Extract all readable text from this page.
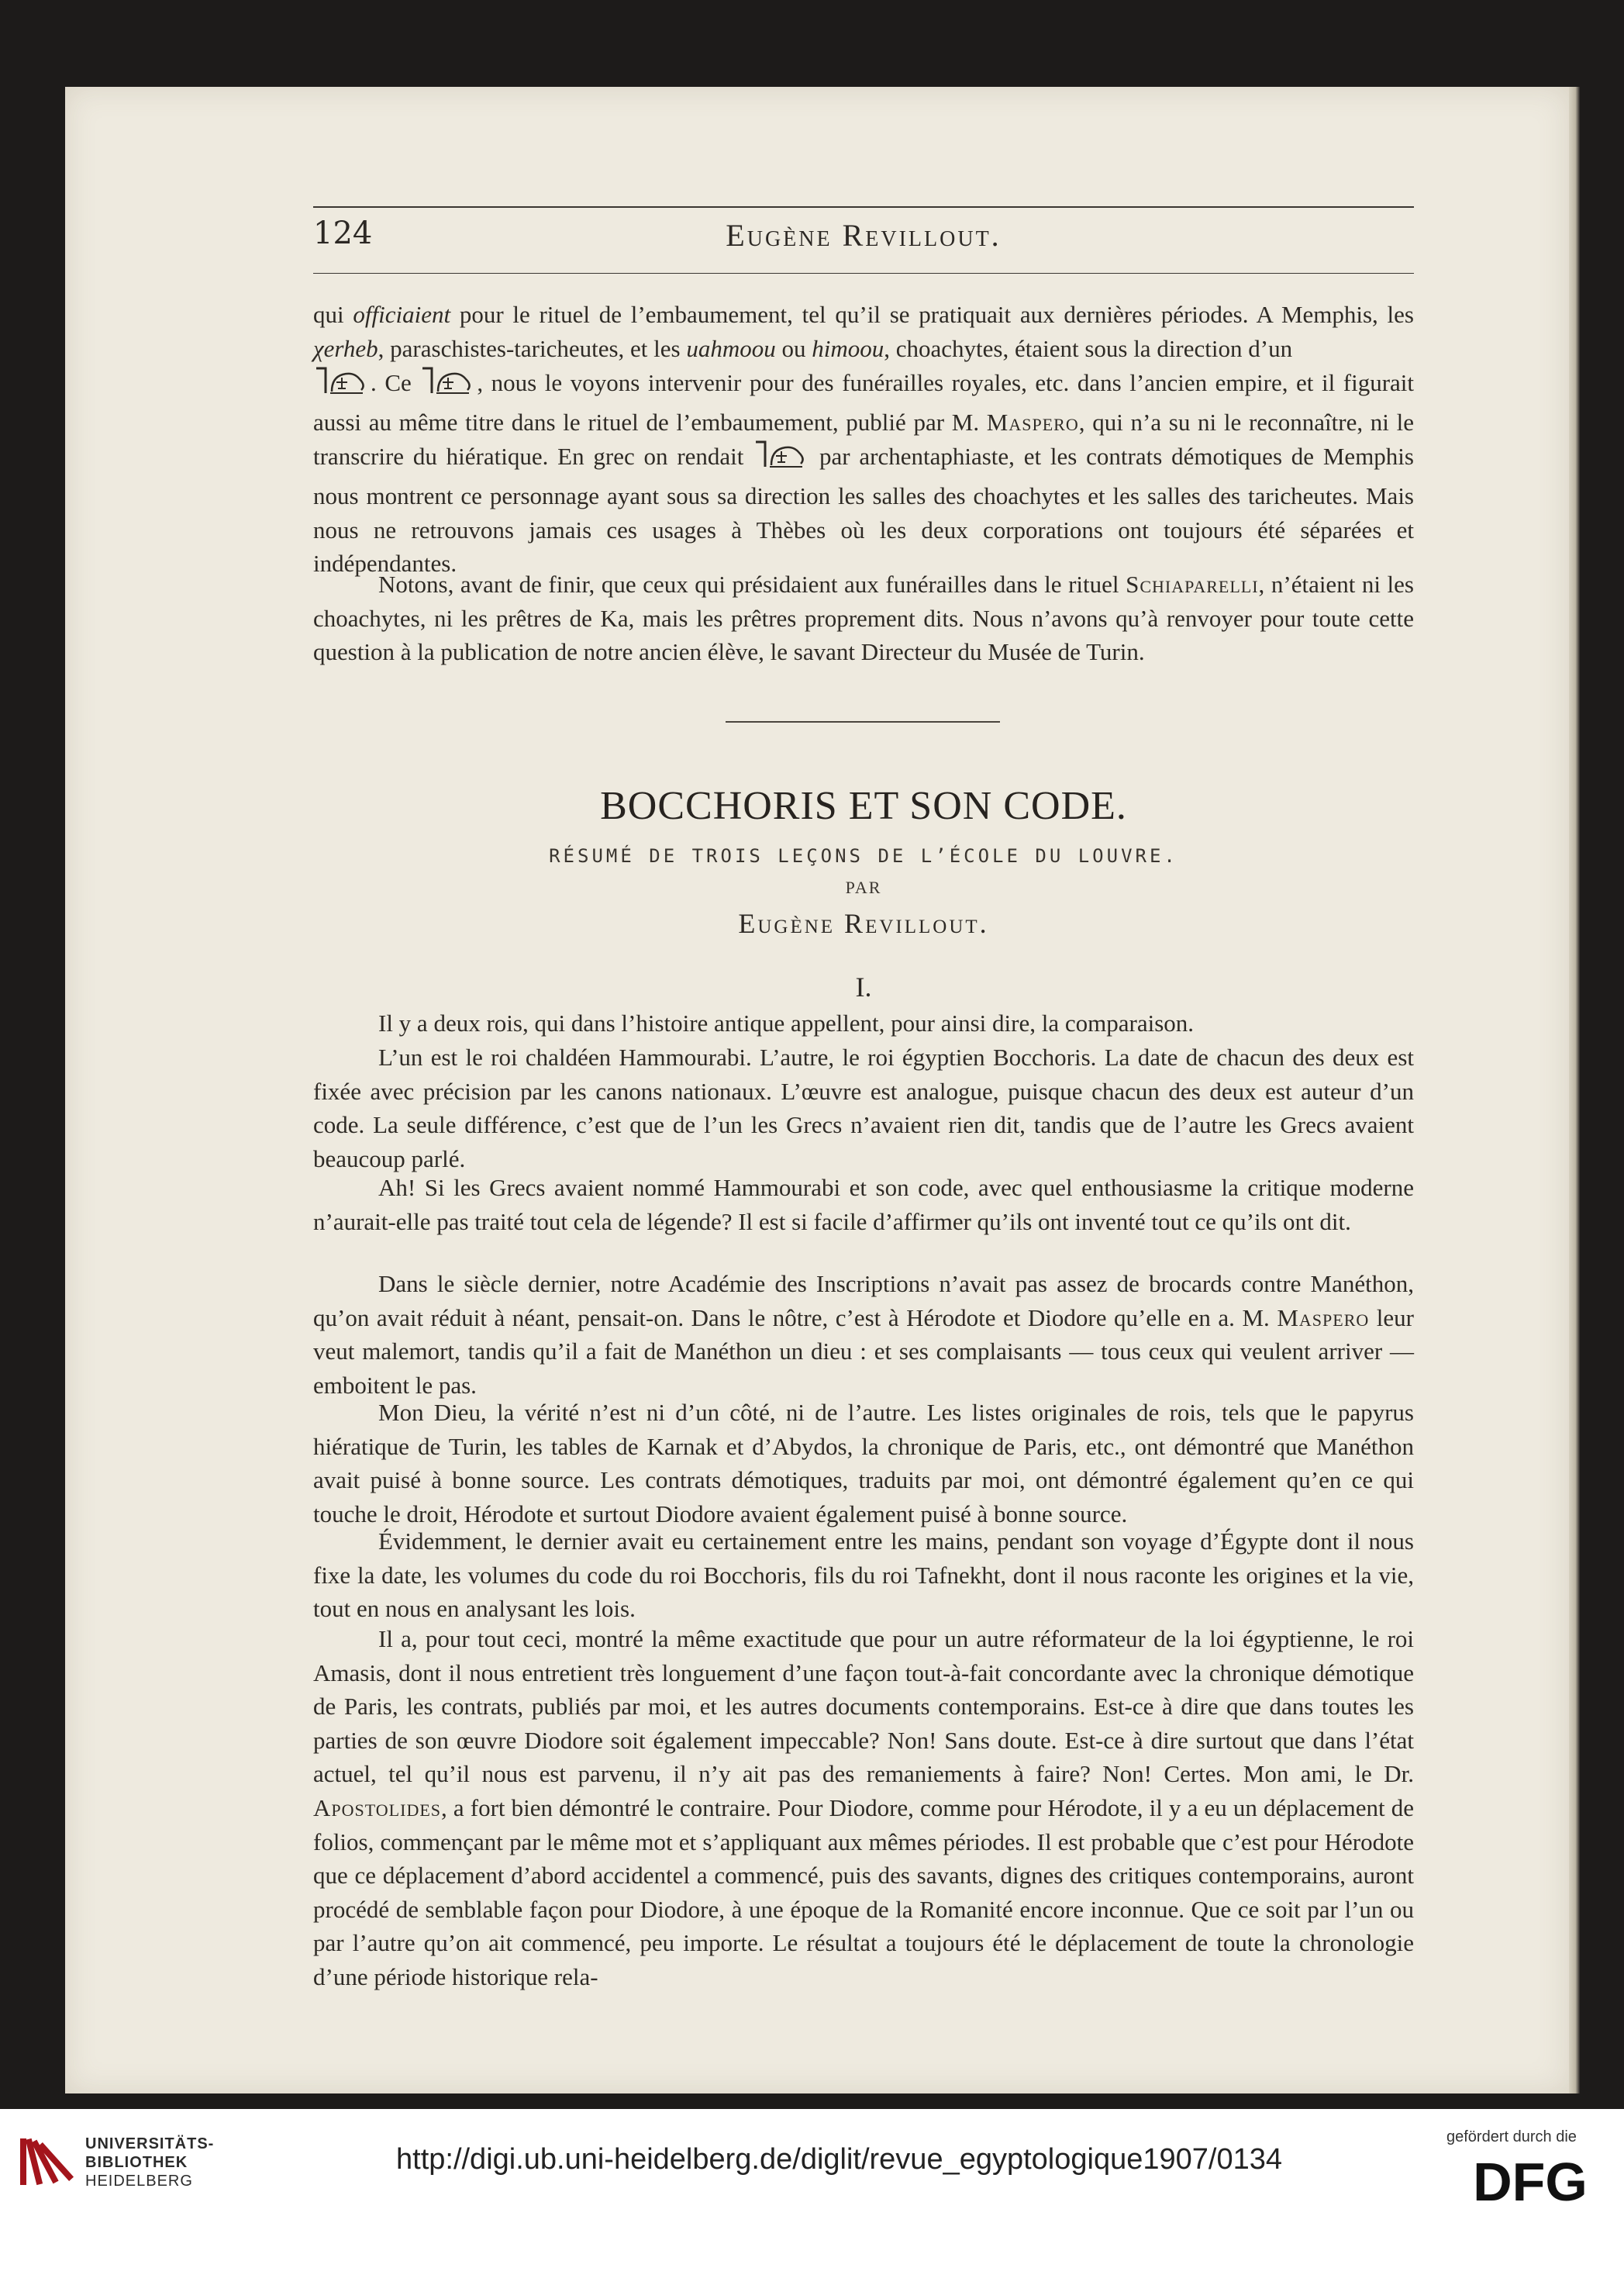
124	Eugène Revillout.

qui officiaient pour le rituel de l’embaumement, tel qu’il se pratiquait aux dernières périodes. A Memphis, les χerheb, paraschistes-taricheutes, et les uahmoou ou himoou, choachytes, étaient sous la direction d’un
. Ce , nous le voyons intervenir pour des funérailles royales, etc. dans l’ancien empire, et il figurait aussi au même titre dans le rituel de l’embaumement, publié par M. Maspero, qui n’a su ni le reconnaître, ni le transcrire du hiératique. En grec on rendait  par archentaphiaste, et les contrats démotiques de Memphis nous montrent ce personnage ayant sous sa direction les salles des choachytes et les salles des taricheutes. Mais nous ne retrouvons jamais ces usages à Thèbes où les deux corporations ont toujours été séparées et indépendantes.

Notons, avant de finir, que ceux qui présidaient aux funérailles dans le rituel Schiaparelli, n’étaient ni les choachytes, ni les prêtres de Ka, mais les prêtres proprement dits. Nous n’avons qu’à renvoyer pour toute cette question à la publication de notre ancien élève, le savant Directeur du Musée de Turin.

BOCCHORIS ET SON CODE.
RÉSUMÉ DE TROIS LEÇONS DE L’ÉCOLE DU LOUVRE.
PAR
Eugène Revillout.
I.

Il y a deux rois, qui dans l’histoire antique appellent, pour ainsi dire, la comparaison.

L’un est le roi chaldéen Hammourabi. L’autre, le roi égyptien Bocchoris. La date de chacun des deux est fixée avec précision par les canons nationaux. L’œuvre est analogue, puisque chacun des deux est auteur d’un code. La seule différence, c’est que de l’un les Grecs n’avaient rien dit, tandis que de l’autre les Grecs avaient beaucoup parlé.

Ah! Si les Grecs avaient nommé Hammourabi et son code, avec quel enthousiasme la critique moderne n’aurait-elle pas traité tout cela de légende? Il est si facile d’affirmer qu’ils ont inventé tout ce qu’ils ont dit.

Dans le siècle dernier, notre Académie des Inscriptions n’avait pas assez de brocards contre Manéthon, qu’on avait réduit à néant, pensait-on. Dans le nôtre, c’est à Hérodote et Diodore qu’elle en a. M. Maspero leur veut malemort, tandis qu’il a fait de Manéthon un dieu : et ses complaisants — tous ceux qui veulent arriver — emboitent le pas.

Mon Dieu, la vérité n’est ni d’un côté, ni de l’autre. Les listes originales de rois, tels que le papyrus hiératique de Turin, les tables de Karnak et d’Abydos, la chronique de Paris, etc., ont démontré que Manéthon avait puisé à bonne source. Les contrats démotiques, traduits par moi, ont démontré également qu’en ce qui touche le droit, Hérodote et surtout Diodore avaient également puisé à bonne source.

Évidemment, le dernier avait eu certainement entre les mains, pendant son voyage d’Égypte dont il nous fixe la date, les volumes du code du roi Bocchoris, fils du roi Tafnekht, dont il nous raconte les origines et la vie, tout en nous en analysant les lois.

Il a, pour tout ceci, montré la même exactitude que pour un autre réformateur de la loi égyptienne, le roi Amasis, dont il nous entretient très longuement d’une façon tout-à-fait concordante avec la chronique démotique de Paris, les contrats, publiés par moi, et les autres documents contemporains. Est-ce à dire que dans toutes les parties de son œuvre Diodore soit également impeccable? Non! Sans doute. Est-ce à dire surtout que dans l’état actuel, tel qu’il nous est parvenu, il n’y ait pas des remaniements à faire? Non! Certes. Mon ami, le Dr. Apostolides, a fort bien démontré le contraire. Pour Diodore, comme pour Hérodote, il y a eu un déplacement de folios, commençant par le même mot et s’appliquant aux mêmes périodes. Il est probable que c’est pour Hérodote que ce déplacement d’abord accidentel a commencé, puis des savants, dignes des critiques contemporains, auront procédé de semblable façon pour Diodore, à une époque de la Romanité encore inconnue. Que ce soit par l’un ou par l’autre qu’on ait commencé, peu importe. Le résultat a toujours été le déplacement de toute la chronologie d’une période historique rela-

UNIVERSITÄTS-
BIBLIOTHEK
HEIDELBERG
http://digi.ub.uni-heidelberg.de/diglit/revue_egyptologique1907/0134
gefördert durch die
DFG
